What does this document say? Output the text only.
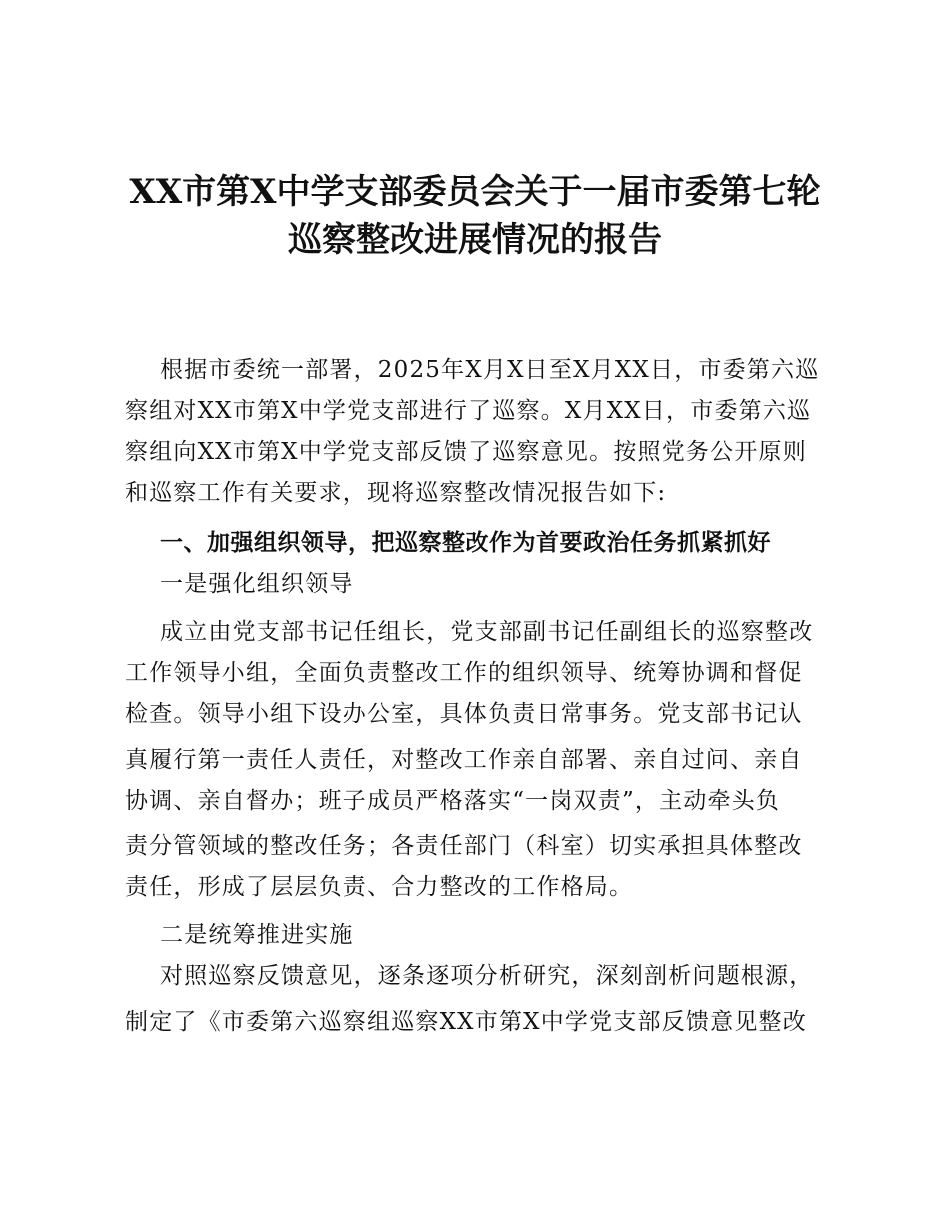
XX市第X中学支部委员会关于一届市委第七轮
巡察整改进展情况的报告
根据市委统一部署，2025年X月X日至X月XX日，市委第六巡
察组对XX市第X中学党支部进行了巡察。X月XX日，市委第六巡
察组向XX市第X中学党支部反馈了巡察意见。按照党务公开原则
和巡察工作有关要求，现将巡察整改情况报告如下:
一、加强组织领导，把巡察整改作为首要政治任务抓紧抓好
一是强化组织领导
成立由党支部书记任组长，党支部副书记任副组长的巡察整改
工作领导小组，全面负责整改工作的组织领导、统筹协调和督促
检查。领导小组下设办公室，具体负责日常事务。党支部书记认
真履行第一责任人责任，对整改工作亲自部署、亲自过问、亲自
协调、亲自督办；班子成员严格落实“一岗双责”，主动牵头负
责分管领域的整改任务；各责任部门（科室）切实承担具体整改
责任，形成了层层负责、合力整改的工作格局。
二是统筹推进实施
对照巡察反馈意见，逐条逐项分析研究，深刻剖析问题根源，
制定了《市委第六巡察组巡察XX市第X中学党支部反馈意见整改
